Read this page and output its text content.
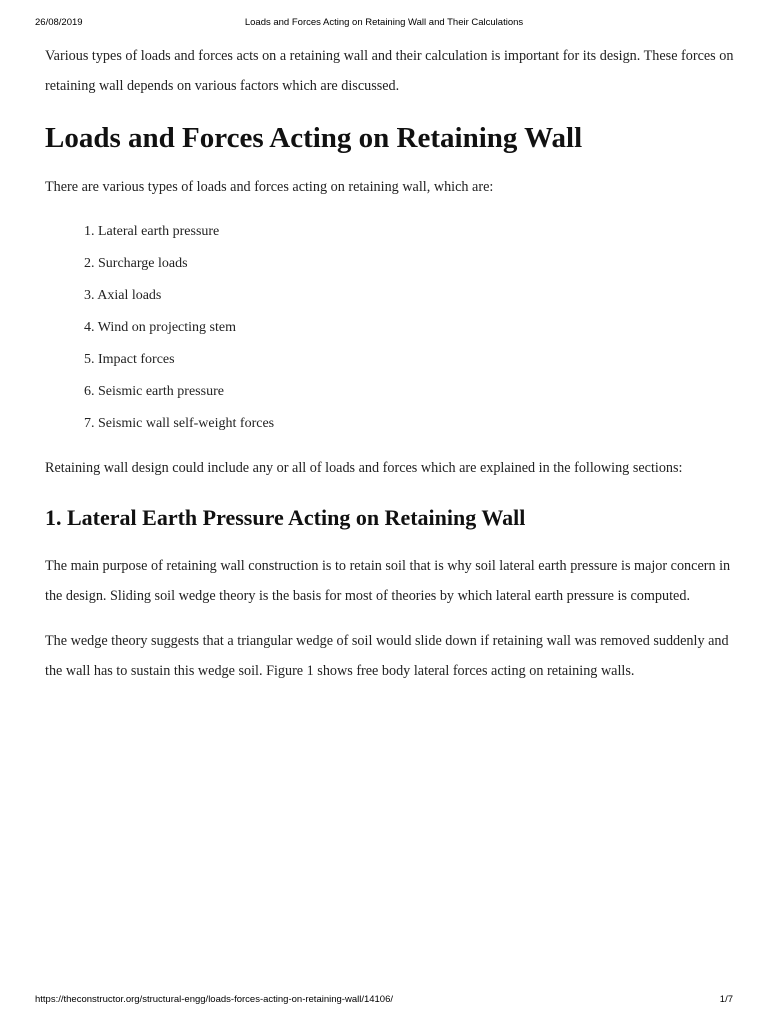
26/08/2019	Loads and Forces Acting on Retaining Wall and Their Calculations

Various types of loads and forces acts on a retaining wall and their calculation is important for its design. These forces on retaining wall depends on various factors which are discussed.

Loads and Forces Acting on Retaining Wall

There are various types of loads and forces acting on retaining wall, which are:

1. Lateral earth pressure
2. Surcharge loads
3. Axial loads
4. Wind on projecting stem
5. Impact forces
6. Seismic earth pressure
7. Seismic wall self-weight forces

Retaining wall design could include any or all of loads and forces which are explained in the following sections:

1. Lateral Earth Pressure Acting on Retaining Wall

The main purpose of retaining wall construction is to retain soil that is why soil lateral earth pressure is major concern in the design. Sliding soil wedge theory is the basis for most of theories by which lateral earth pressure is computed.

The wedge theory suggests that a triangular wedge of soil would slide down if retaining wall was removed suddenly and the wall has to sustain this wedge soil. Figure 1 shows free body lateral forces acting on retaining walls.

https://theconstructor.org/structural-engg/loads-forces-acting-on-retaining-wall/14106/	1/7
